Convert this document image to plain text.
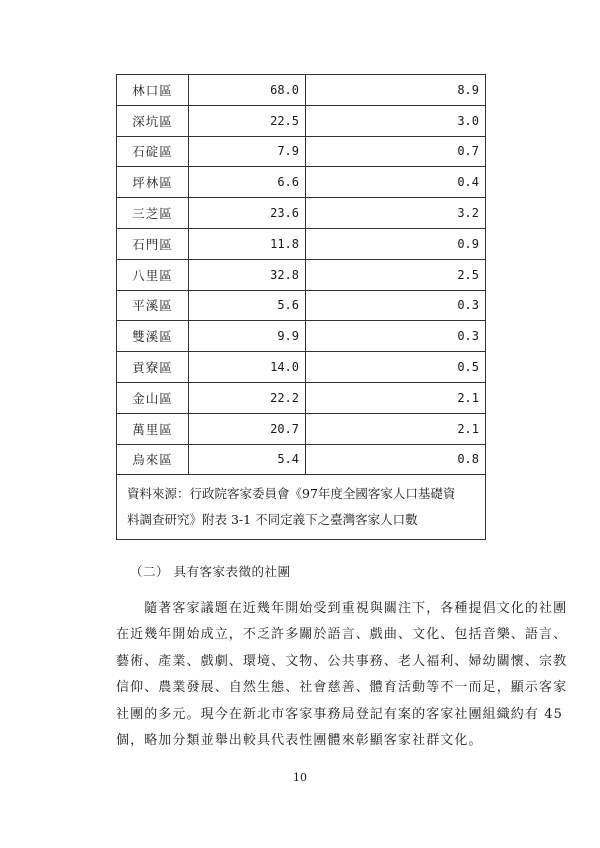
林口區	68.0	8.9
深坑區	22.5	3.0
石碇區	7.9	0.7
坪林區	6.6	0.4
三芝區	23.6	3.2
石門區	11.8	0.9
八里區	32.8	2.5
平溪區	5.6	0.3
雙溪區	9.9	0.3
貢寮區	14.0	0.5
金山區	22.2	2.1
萬里區	20.7	2.1
烏來區	5.4	0.8
資料來源：行政院客家委員會《97年度全國客家人口基礎資
料調查研究》附表 3-1 不同定義下之臺灣客家人口數		
（二） 具有客家表徵的社團
　　隨著客家議題在近幾年開始受到重視與關注下，各種提倡文化的社團
在近幾年開始成立，不乏許多關於語言、戲曲、文化、包括音樂、語言、
藝術、產業、戲劇、環境、文物、公共事務、老人福利、婦幼關懷、宗教
信仰、農業發展、自然生態、社會慈善、體育活動等不一而足，顯示客家
社團的多元。現今在新北市客家事務局登記有案的客家社團組織約有 45
個，略加分類並舉出較具代表性團體來彰顯客家社群文化。
10
